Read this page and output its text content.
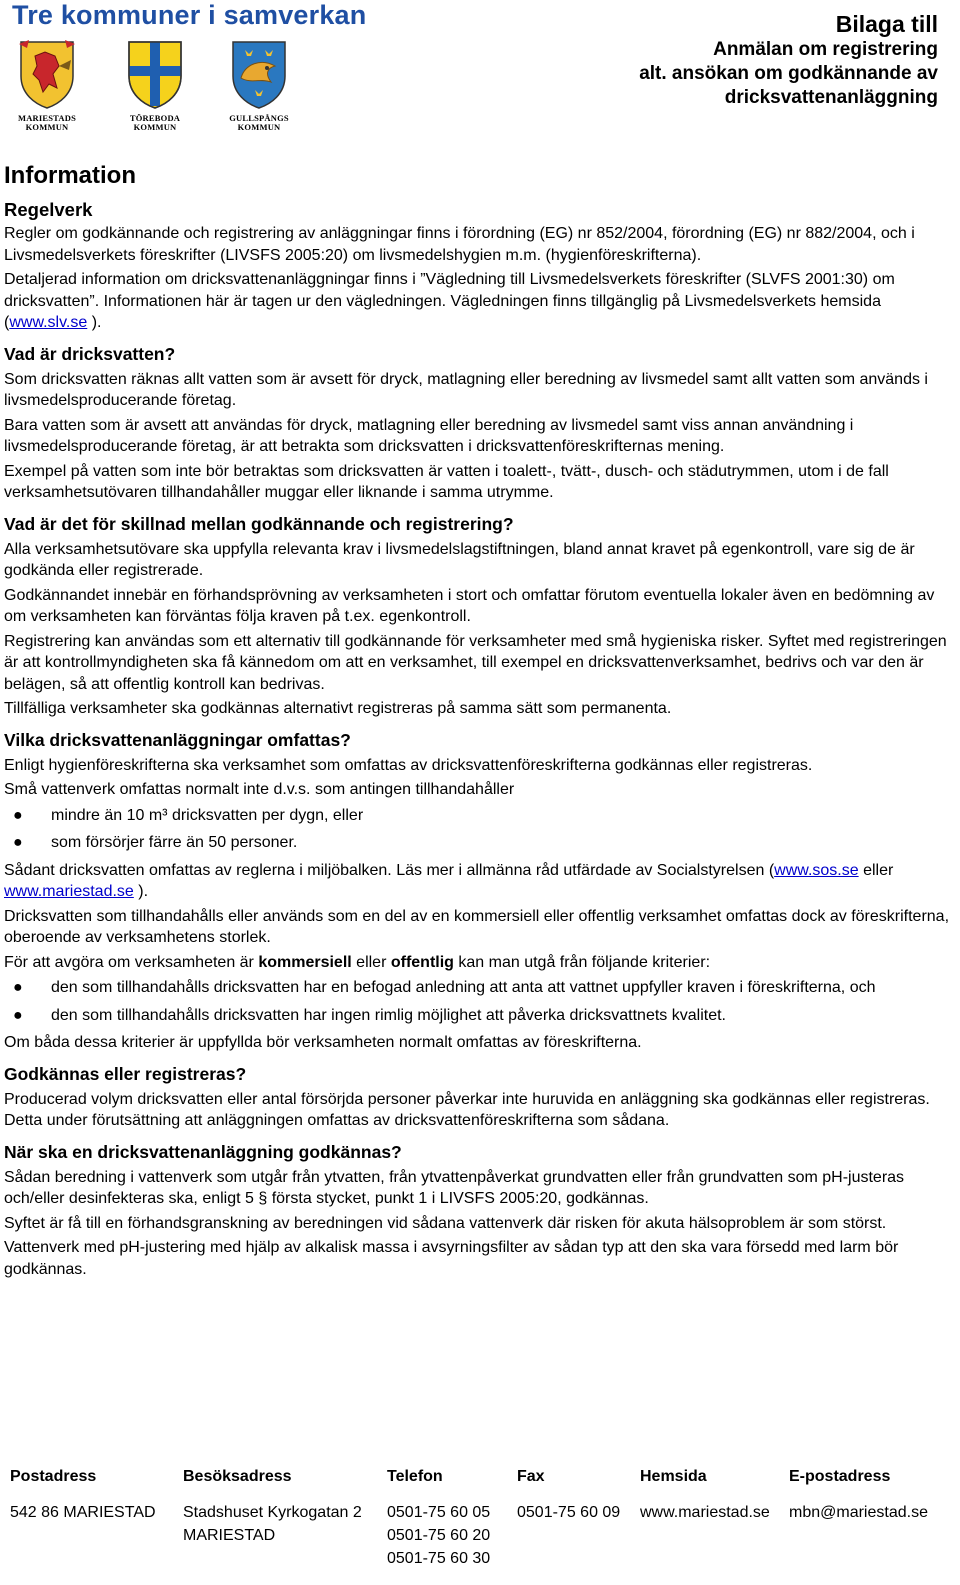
Tre kommuner i samverkan
MARIESTADS
KOMMUN
TÖREBODA
KOMMUN
GULLSPÅNGS
KOMMUN
Bilaga till
Anmälan om registrering
alt. ansökan om godkännande av
dricksvattenanläggning
Information
Regelverk
Regler om godkännande och registrering av anläggningar finns i förordning (EG) nr 852/2004, förordning (EG) nr 882/2004, och i Livsmedelsverkets föreskrifter (LIVSFS 2005:20) om livsmedelshygien m.m. (hygienföreskrifterna).
Detaljerad information om dricksvattenanläggningar finns i ”Vägledning till Livsmedelsverkets föreskrifter (SLVFS 2001:30) om dricksvatten”. Informationen här är tagen ur den vägledningen. Vägledningen finns tillgänglig på Livsmedelsverkets hemsida (www.slv.se ).
Vad är dricksvatten?
Som dricksvatten räknas allt vatten som är avsett för dryck, matlagning eller beredning av livsmedel samt allt vatten som används i livsmedelsproducerande företag.
Bara vatten som är avsett att användas för dryck, matlagning eller beredning av livsmedel samt viss annan användning i livsmedelsproducerande företag, är att betrakta som dricksvatten i dricksvattenföreskrifternas mening.
Exempel på vatten som inte bör betraktas som dricksvatten är vatten i toalett-, tvätt-, dusch- och städutrymmen, utom i de fall verksamhetsutövaren tillhandahåller muggar eller liknande i samma utrymme.
Vad är det för skillnad mellan godkännande och registrering?
Alla verksamhetsutövare ska uppfylla relevanta krav i livsmedelslagstiftningen, bland annat kravet på egenkontroll, vare sig de är godkända eller registrerade.
Godkännandet innebär en förhandsprövning av verksamheten i stort och omfattar förutom eventuella lokaler även en bedömning av om verksamheten kan förväntas följa kraven på t.ex. egenkontroll.
Registrering kan användas som ett alternativ till godkännande för verksamheter med små hygieniska risker. Syftet med registreringen är att kontrollmyndigheten ska få kännedom om att en verksamhet, till exempel en dricksvattenverksamhet, bedrivs och var den är belägen, så att offentlig kontroll kan bedrivas.
Tillfälliga verksamheter ska godkännas alternativt registreras på samma sätt som permanenta.
Vilka dricksvattenanläggningar omfattas?
Enligt hygienföreskrifterna ska verksamhet som omfattas av dricksvattenföreskrifterna godkännas eller registreras.
Små vattenverk omfattas normalt inte d.v.s. som antingen tillhandahåller
● mindre än 10 m³ dricksvatten per dygn, eller
● som försörjer färre än 50 personer.
Sådant dricksvatten omfattas av reglerna i miljöbalken. Läs mer i allmänna råd utfärdade av Socialstyrelsen (www.sos.se eller www.mariestad.se ).
Dricksvatten som tillhandahålls eller används som en del av en kommersiell eller offentlig verksamhet omfattas dock av föreskrifterna, oberoende av verksamhetens storlek.
För att avgöra om verksamheten är kommersiell eller offentlig kan man utgå från följande kriterier:
● den som tillhandahålls dricksvatten har en befogad anledning att anta att vattnet uppfyller kraven i föreskrifterna, och
● den som tillhandahålls dricksvatten har ingen rimlig möjlighet att påverka dricksvattnets kvalitet.
Om båda dessa kriterier är uppfyllda bör verksamheten normalt omfattas av föreskrifterna.
Godkännas eller registreras?
Producerad volym dricksvatten eller antal försörjda personer påverkar inte huruvida en anläggning ska godkännas eller registreras. Detta under förutsättning att anläggningen omfattas av dricksvattenföreskrifterna som sådana.
När ska en dricksvattenanläggning godkännas?
Sådan beredning i vattenverk som utgår från ytvatten, från ytvattenpåverkat grundvatten eller från grundvatten som pH-justeras och/eller desinfekteras ska, enligt 5 § första stycket, punkt 1 i LIVSFS 2005:20, godkännas.
Syftet är få till en förhandsgranskning av beredningen vid sådana vattenverk där risken för akuta hälsoproblem är som störst.
Vattenverk med pH-justering med hjälp av alkalisk massa i avsyrningsfilter av sådan typ att den ska vara försedd med larm bör godkännas.
Postadress
542 86 MARIESTAD
Besöksadress
Stadshuset Kyrkogatan 2
MARIESTAD
Telefon
0501-75 60 05
0501-75 60 20
0501-75 60 30
Fax
0501-75 60 09
Hemsida
www.mariestad.se
E-postadress
mbn@mariestad.se
